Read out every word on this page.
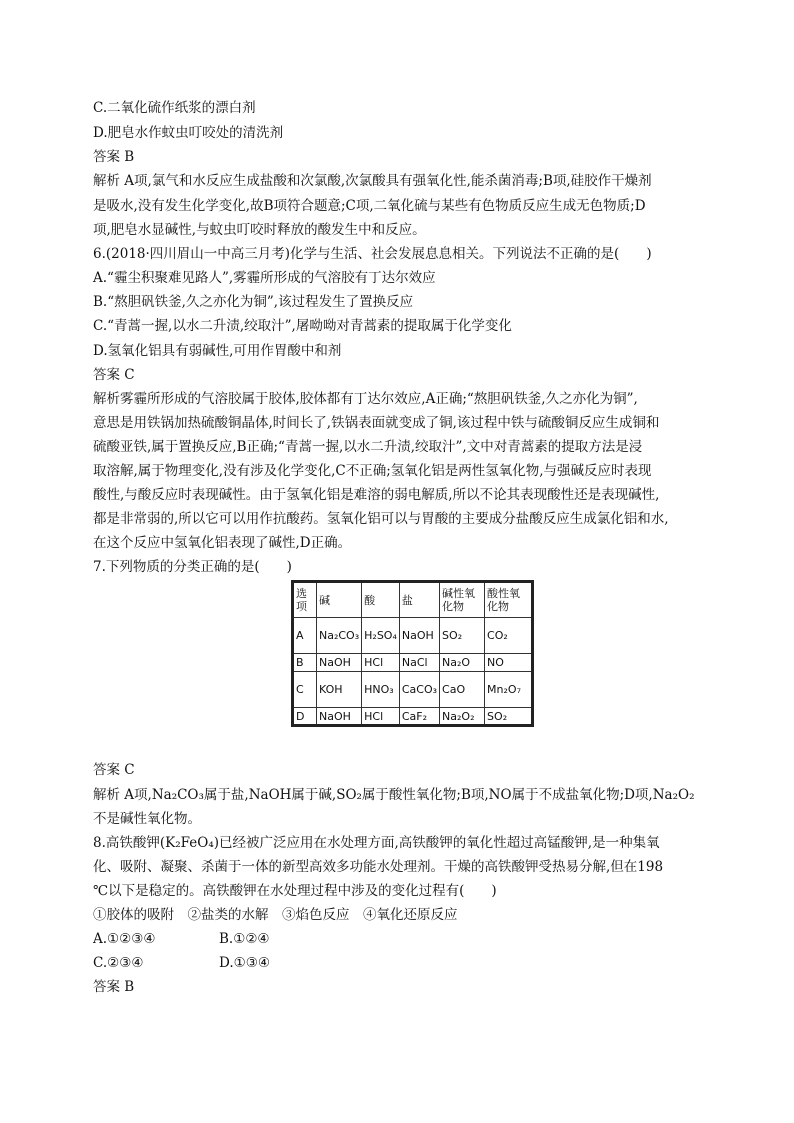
C.二氧化硫作纸浆的漂白剂
D.肥皂水作蚊虫叮咬处的清洗剂
答案 B
解析 A项,氯气和水反应生成盐酸和次氯酸,次氯酸具有强氧化性,能杀菌消毒;B项,硅胶作干燥剂
是吸水,没有发生化学变化,故B项符合题意;C项,二氧化硫与某些有色物质反应生成无色物质;D
项,肥皂水显碱性,与蚊虫叮咬时释放的酸发生中和反应。
6.(2018·四川眉山一中高三月考)化学与生活、社会发展息息相关。下列说法不正确的是(　　)
A.“霾尘积聚难见路人”,雾霾所形成的气溶胶有丁达尔效应
B.“熬胆矾铁釜,久之亦化为铜”,该过程发生了置换反应
C.“青蒿一握,以水二升渍,绞取汁”,屠呦呦对青蒿素的提取属于化学变化
D.氢氧化铝具有弱碱性,可用作胃酸中和剂
答案 C
解析雾霾所形成的气溶胶属于胶体,胶体都有丁达尔效应,A正确;“熬胆矾铁釜,久之亦化为铜”,
意思是用铁锅加热硫酸铜晶体,时间长了,铁锅表面就变成了铜,该过程中铁与硫酸铜反应生成铜和
硫酸亚铁,属于置换反应,B正确;“青蒿一握,以水二升渍,绞取汁”,文中对青蒿素的提取方法是浸
取溶解,属于物理变化,没有涉及化学变化,C不正确;氢氧化铝是两性氢氧化物,与强碱反应时表现
酸性,与酸反应时表现碱性。由于氢氧化铝是难溶的弱电解质,所以不论其表现酸性还是表现碱性,
都是非常弱的,所以它可以用作抗酸药。氢氧化铝可以与胃酸的主要成分盐酸反应生成氯化铝和水,
在这个反应中氢氧化铝表现了碱性,D正确。
7.下列物质的分类正确的是(　　)
选项	碱	酸	盐	碱性氧化物	酸性氧化物
A	Na₂CO₃	H₂SO₄	NaOH	SO₂	CO₂
B	NaOH	HCl	NaCl	Na₂O	NO
C	KOH	HNO₃	CaCO₃	CaO	Mn₂O₇
D	NaOH	HCl	CaF₂	Na₂O₂	SO₂
答案 C
解析 A项,Na₂CO₃属于盐,NaOH属于碱,SO₂属于酸性氧化物;B项,NO属于不成盐氧化物;D项,Na₂O₂
不是碱性氧化物。
8.高铁酸钾(K₂FeO₄)已经被广泛应用在水处理方面,高铁酸钾的氧化性超过高锰酸钾,是一种集氧
化、吸附、凝聚、杀菌于一体的新型高效多功能水处理剂。干燥的高铁酸钾受热易分解,但在198
℃以下是稳定的。高铁酸钾在水处理过程中涉及的变化过程有(　　)
①胶体的吸附　②盐类的水解　③焰色反应　④氧化还原反应
A.①②③④	B.①②④
C.②③④	D.①③④
答案 B
